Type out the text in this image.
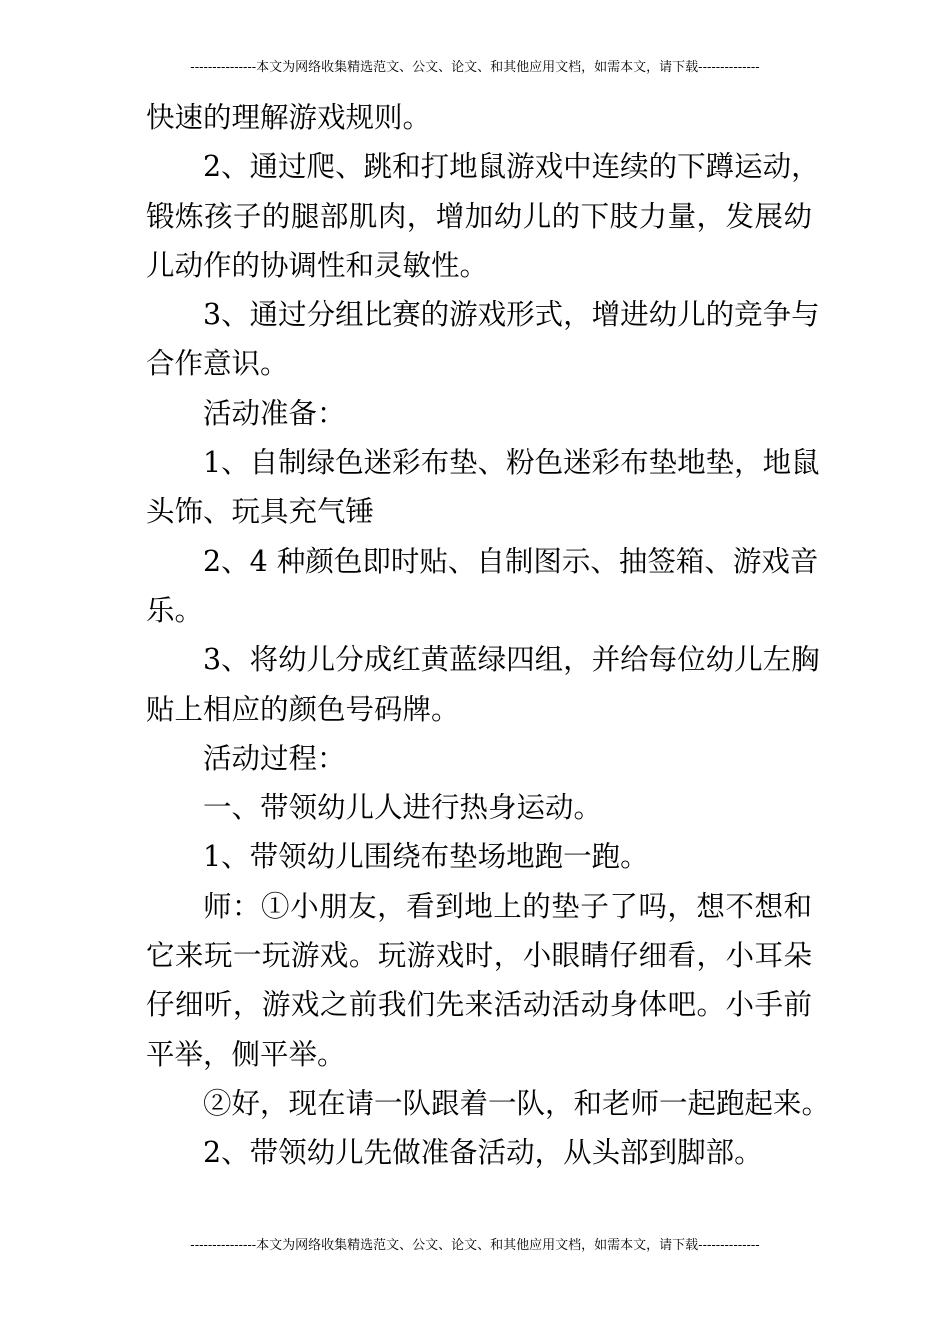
---------------本文为网络收集精选范文、公文、论文、和其他应用文档，如需本文，请下载--------------

快速的理解游戏规则。

2、通过爬、跳和打地鼠游戏中连续的下蹲运动，

锻炼孩子的腿部肌肉，增加幼儿的下肢力量，发展幼

儿动作的协调性和灵敏性。

3、通过分组比赛的游戏形式，增进幼儿的竞争与

合作意识。

活动准备：

1、自制绿色迷彩布垫、粉色迷彩布垫地垫，地鼠

头饰、玩具充气锤

2、4 种颜色即时贴、自制图示、抽签箱、游戏音

乐。

3、将幼儿分成红黄蓝绿四组，并给每位幼儿左胸

贴上相应的颜色号码牌。

活动过程：

一、带领幼儿人进行热身运动。

1、带领幼儿围绕布垫场地跑一跑。

师：①小朋友，看到地上的垫子了吗，想不想和

它来玩一玩游戏。玩游戏时，小眼睛仔细看，小耳朵

仔细听，游戏之前我们先来活动活动身体吧。小手前

平举，侧平举。

②好，现在请一队跟着一队，和老师一起跑起来。

2、带领幼儿先做准备活动，从头部到脚部。

---------------本文为网络收集精选范文、公文、论文、和其他应用文档，如需本文，请下载--------------
